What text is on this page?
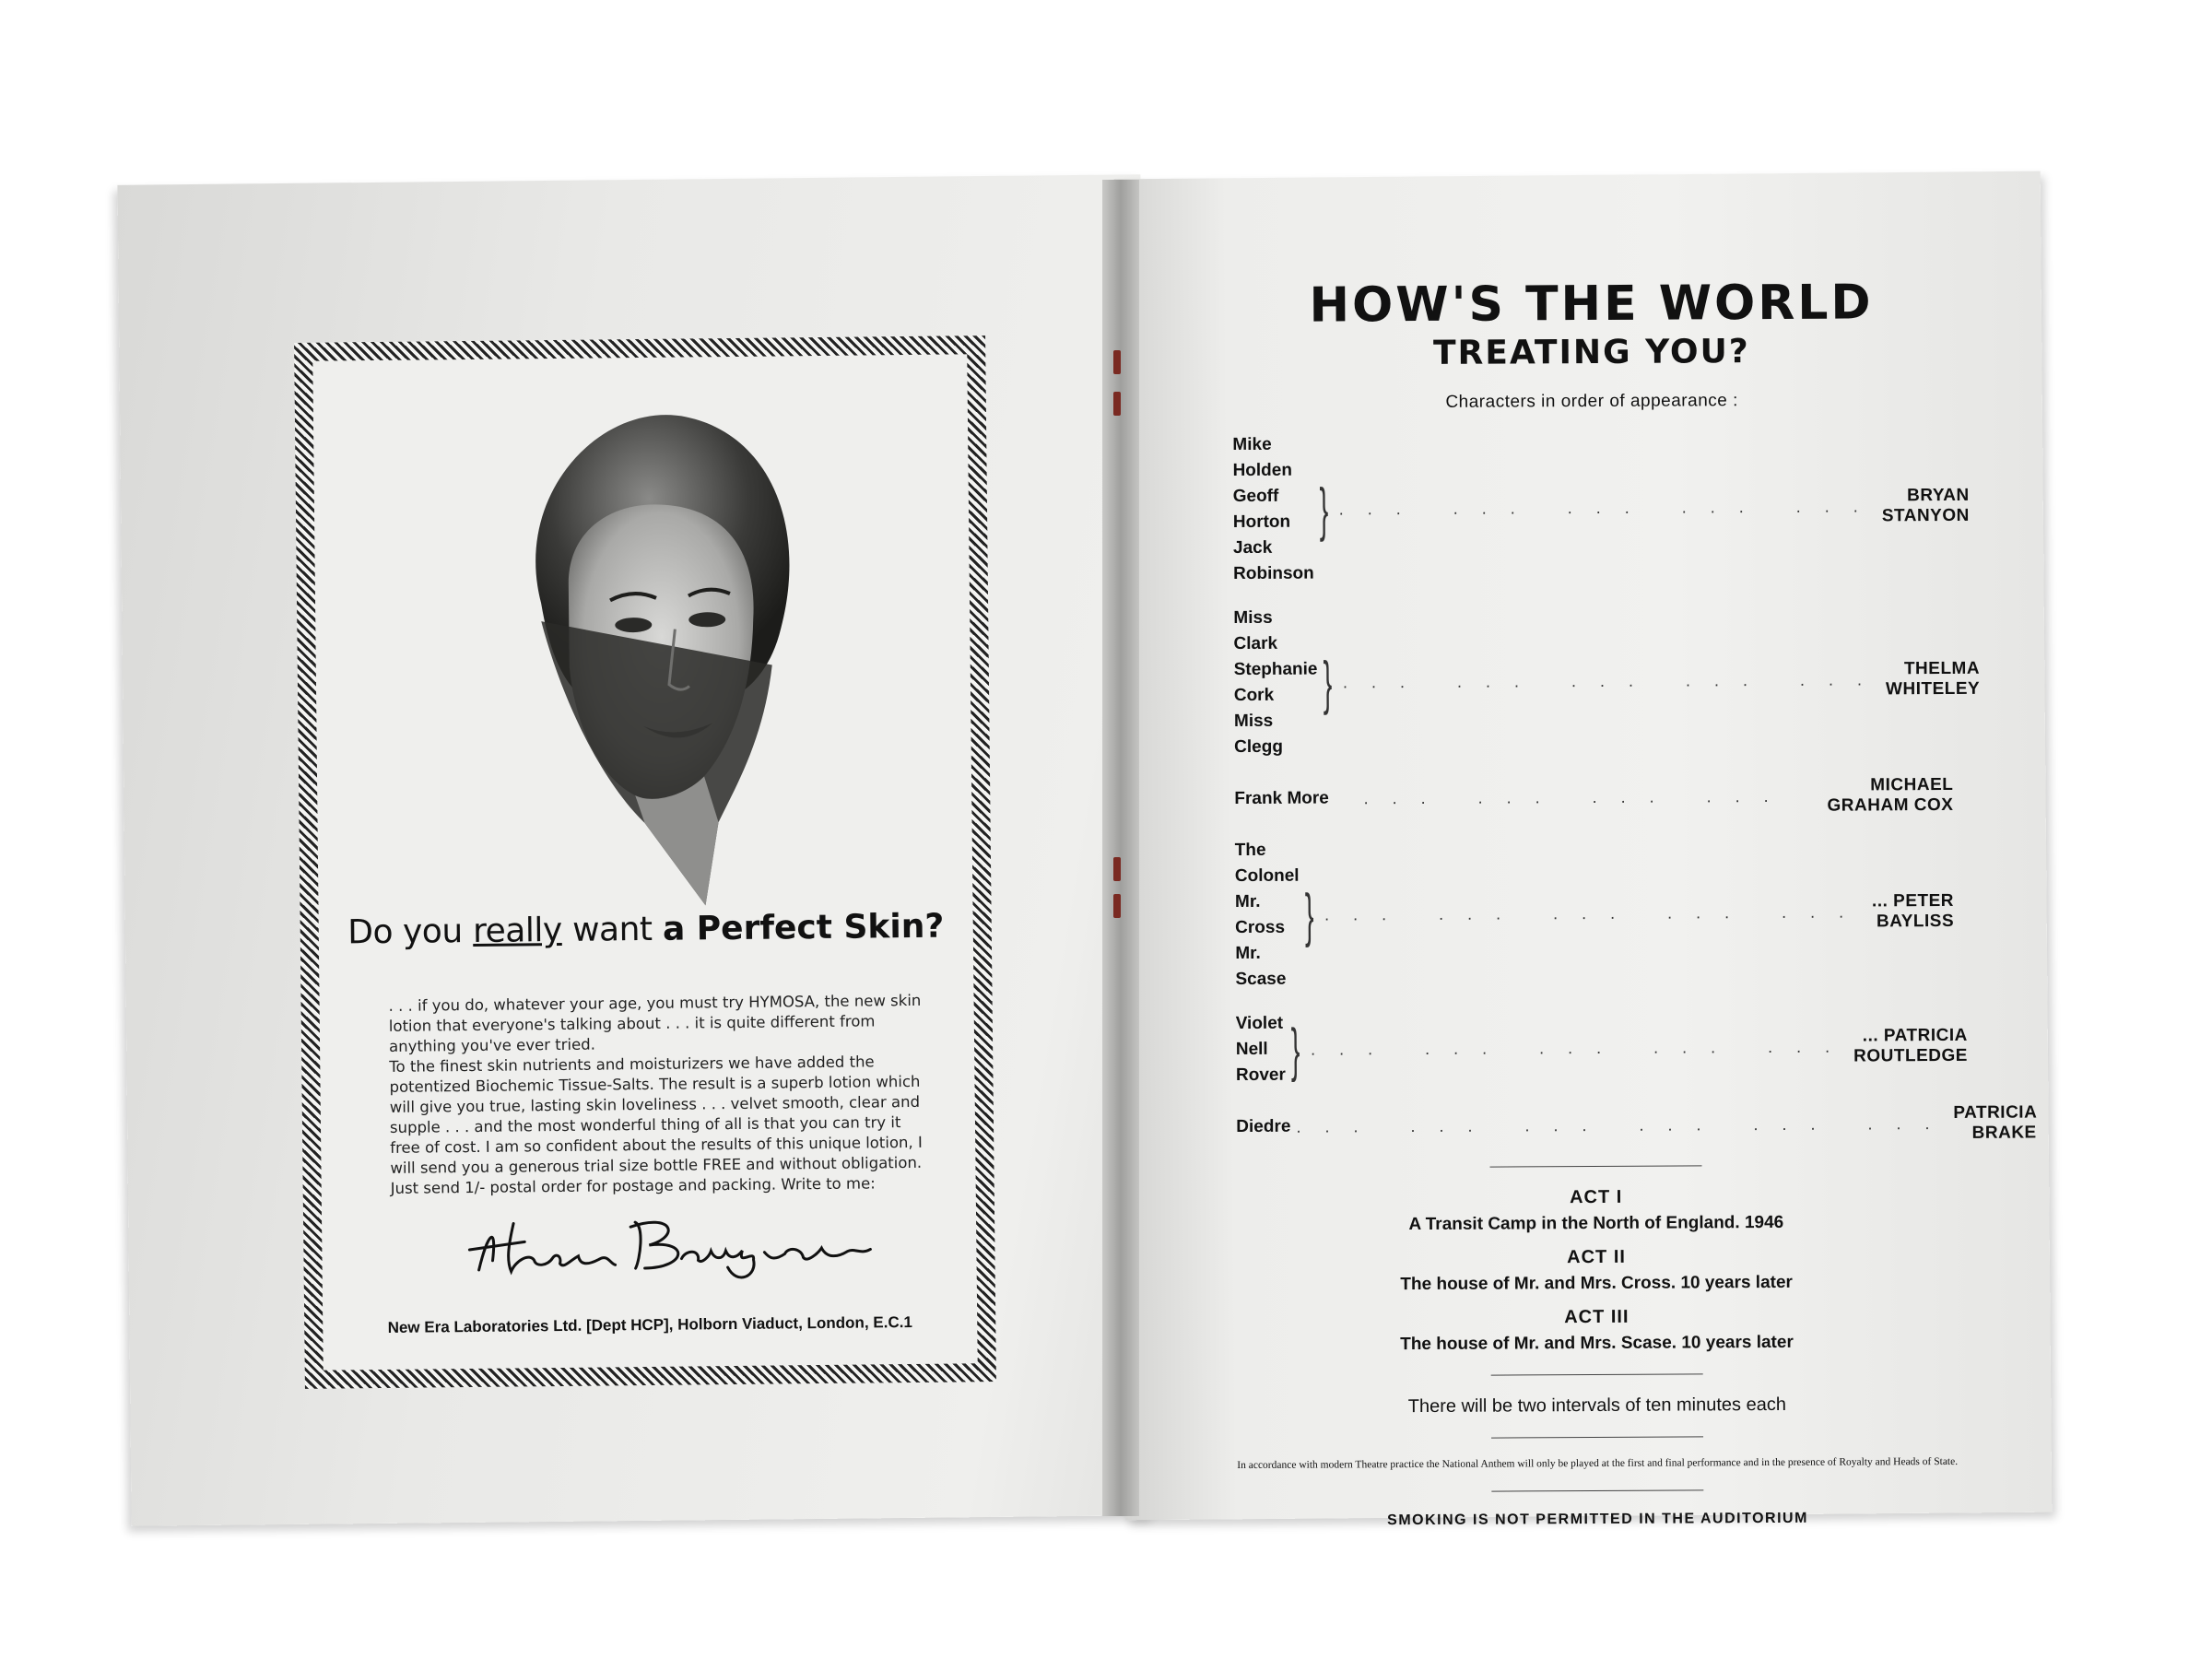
Do you really want a Perfect Skin?

. . . if you do, whatever your age, you must try HYMOSA, the new skin lotion that everyone's talking about . . . it is quite different from anything you've ever tried.

To the finest skin nutrients and moisturizers we have added the potentized Biochemic Tissue-Salts. The result is a superb lotion which will give you true, lasting skin loveliness . . . velvet smooth, clear and supple . . . and the most wonderful thing of all is that you can try it free of cost. I am so confident about the results of this unique lotion, I will send you a generous trial size bottle FREE and without obligation. Just send 1/- postal order for postage and packing. Write to me:

New Era Laboratories Ltd. [Dept HCP], Holborn Viaduct, London, E.C.1
HOW'S THE WORLD
TREATING YOU?
Characters in order of appearance :
Mike Holden
Geoff Horton
Jack Robinson
} ... ... ... ... ...
BRYAN STANYON
Miss Clark
Stephanie Cork
Miss Clegg
} ... ... ... ... ...
THELMA WHITELEY
Frank More	... ... ... ...
MICHAEL GRAHAM COX
The Colonel
Mr. Cross
Mr. Scase
} ... ... ... ... ...
... PETER BAYLISS
Violet
Nell
Rover } ... ... ... ... ...
... PATRICIA ROUTLEDGE
Diedre ... ... ... ... ... ...
PATRICIA BRAKE
ACT I
A Transit Camp in the North of England. 1946
ACT II
The house of Mr. and Mrs. Cross. 10 years later
ACT III
The house of Mr. and Mrs. Scase. 10 years later
There will be two intervals of ten minutes each
In accordance with modern Theatre practice the National Anthem will only be played at the first and final performance and in the presence of Royalty and Heads of State.
SMOKING IS NOT PERMITTED IN THE AUDITORIUM
